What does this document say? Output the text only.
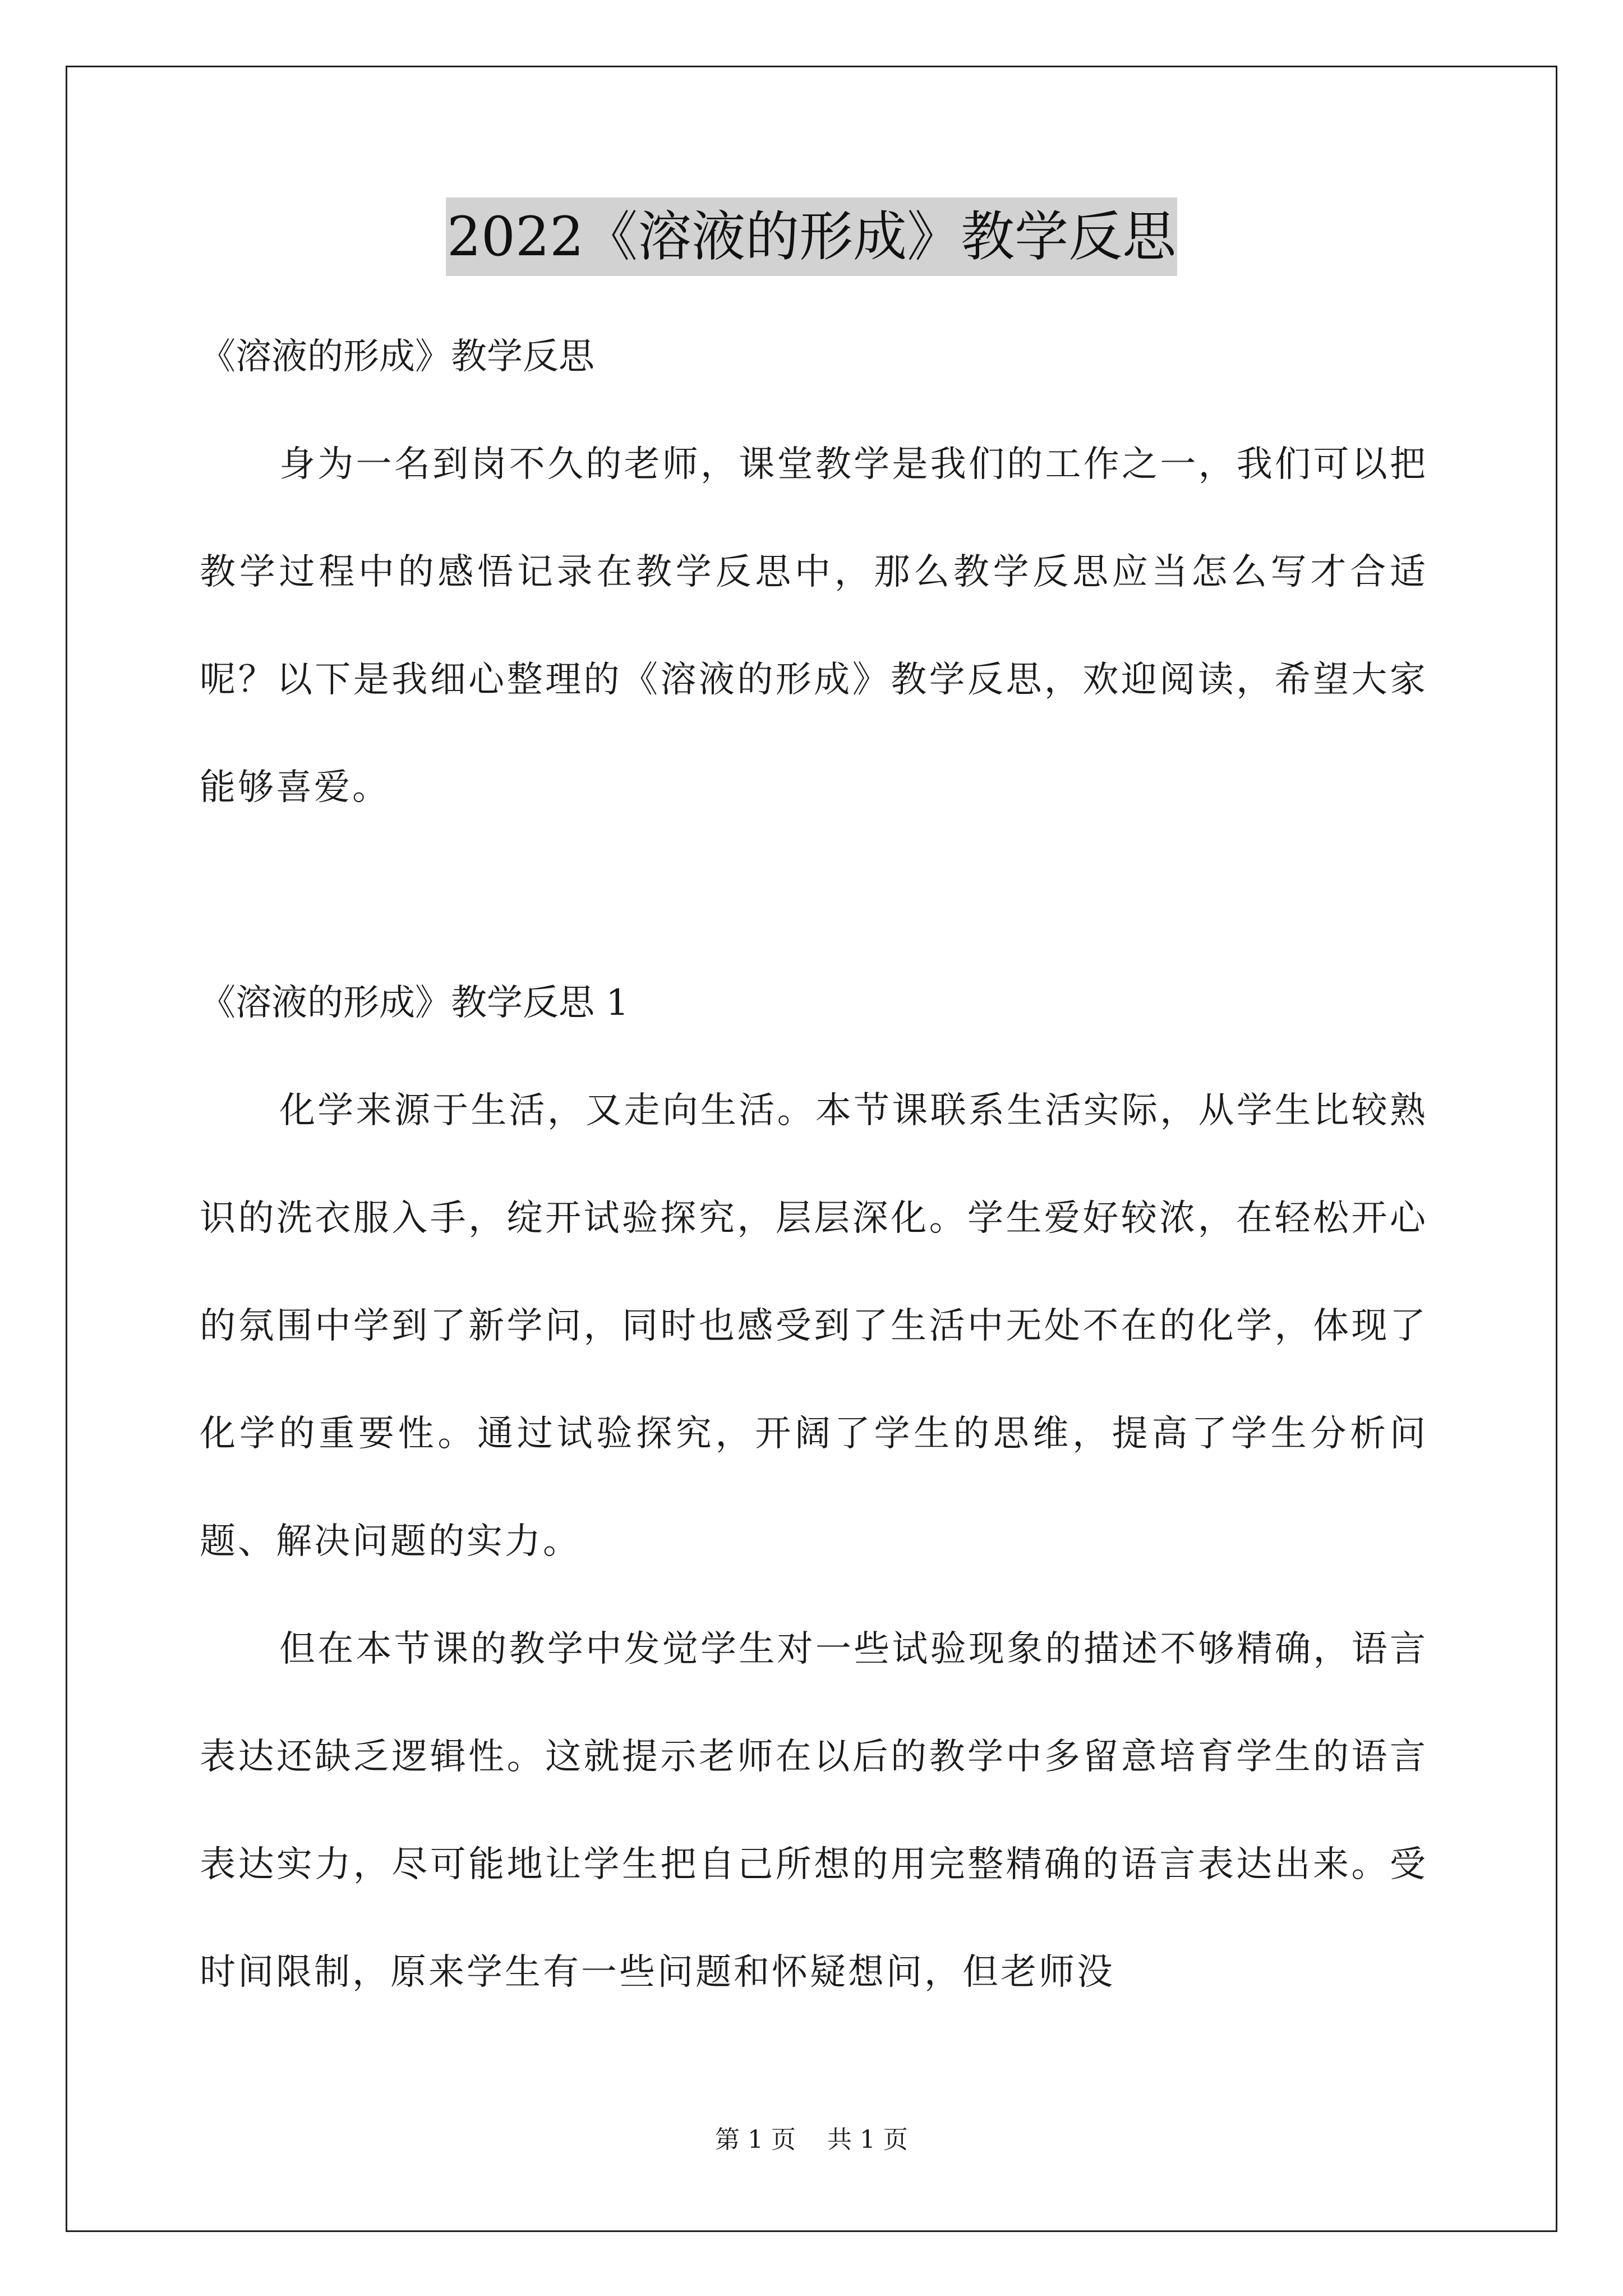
2022《溶液的形成》教学反思

《溶液的形成》教学反思

身为一名到岗不久的老师，课堂教学是我们的工作之一，我们可以把教学过程中的感悟记录在教学反思中，那么教学反思应当怎么写才合适呢？以下是我细心整理的《溶液的形成》教学反思，欢迎阅读，希望大家能够喜爱。

《溶液的形成》教学反思 1

化学来源于生活，又走向生活。本节课联系生活实际，从学生比较熟识的洗衣服入手，绽开试验探究，层层深化。学生爱好较浓，在轻松开心的氛围中学到了新学问，同时也感受到了生活中无处不在的化学，体现了化学的重要性。通过试验探究，开阔了学生的思维，提高了学生分析问题、解决问题的实力。

但在本节课的教学中发觉学生对一些试验现象的描述不够精确，语言表达还缺乏逻辑性。这就提示老师在以后的教学中多留意培育学生的语言表达实力，尽可能地让学生把自己所想的用完整精确的语言表达出来。受时间限制，原来学生有一些问题和怀疑想问，但老师没

第 1 页    共 1 页
